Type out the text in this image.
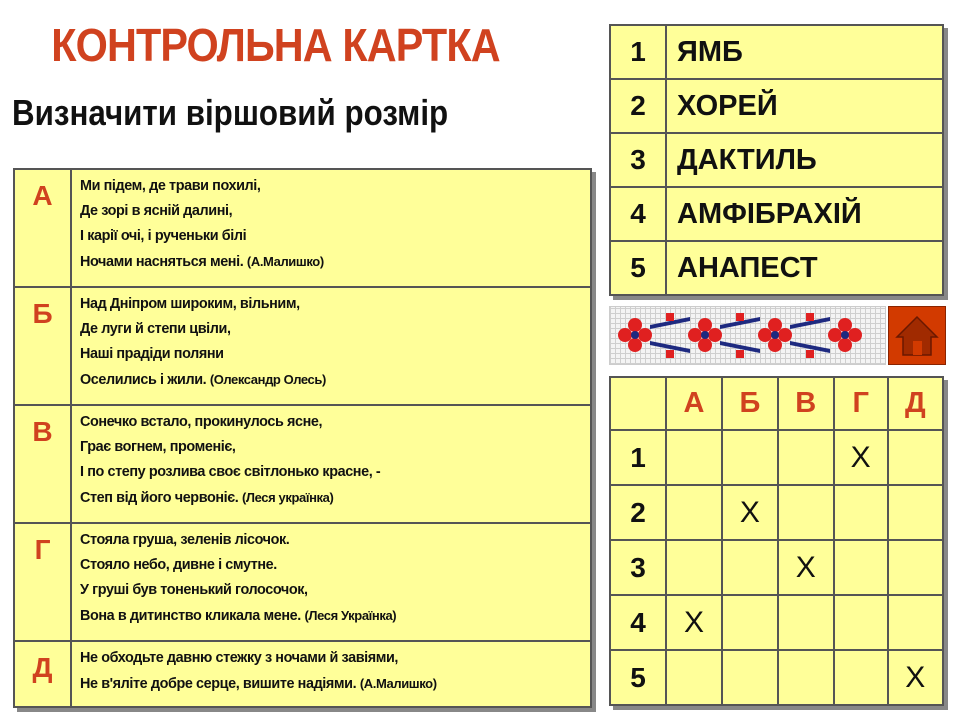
КОНТРОЛЬНА КАРТКА
Визначити віршовий розмір
А	Ми підем, де трави похилі,
Де зорі в ясній далині,
І карії очі, і рученьки білі
Ночами насняться мені. (А.Малишко)

Б	Над Дніпром широким, вільним,
Де луги й степи цвіли,
Наші прадіди поляни
Оселились і жили. (Олександр Олесь)

В	Сонечко встало, прокинулось ясне,
Грає вогнем, променіє,
І по степу розлива своє світлонько красне, -
Степ від його червоніє. (Леся українка)

Г	Стояла груша, зеленів лісочок.
Стояло небо, дивне і смутне.
У груші був тоненький голосочок,
Вона в дитинство кликала мене. (Леся Українка)

Д	Не обходьте давню стежку з ночами й завіями,
Не в'яліте добре серце, вишите надіями. (А.Малишко)
1	ЯМБ
2	ХОРЕЙ
3	ДАКТИЛЬ
4	АМФІБРАХІЙ
5	АНАПЕСТ
	А	Б	В	Г	Д
1				X	
2		X			
3			X		
4	X				
5					X
